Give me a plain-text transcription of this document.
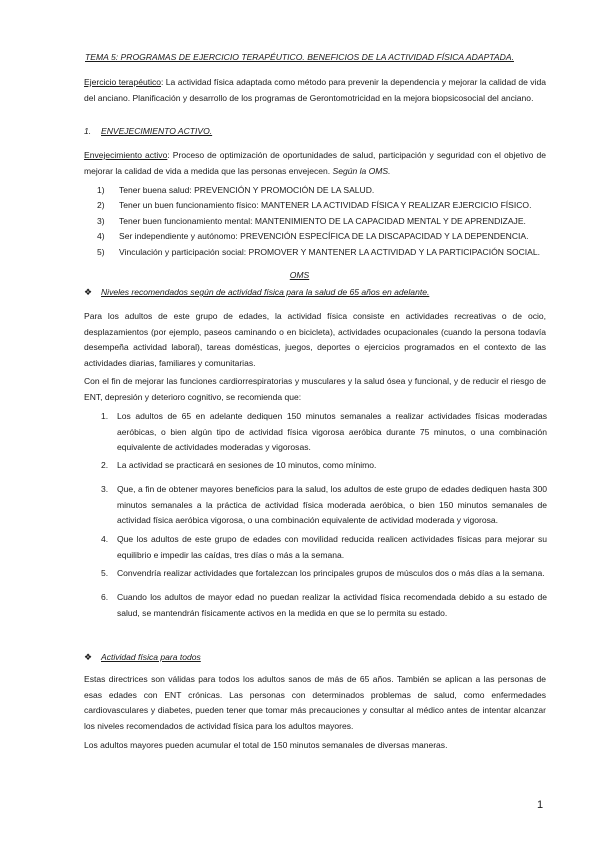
TEMA 5: PROGRAMAS DE EJERCICIO TERAPÉUTICO. BENEFICIOS DE LA ACTIVIDAD FÍSICA ADAPTADA.
Ejercicio terapéutico: La actividad física adaptada como método para prevenir la dependencia y mejorar la calidad de vida del anciano. Planificación y desarrollo de los programas de Gerontomotricidad en la mejora biopsicosocial del anciano.
1. ENVEJECIMIENTO ACTIVO.
Envejecimiento activo: Proceso de optimización de oportunidades de salud, participación y seguridad con el objetivo de mejorar la calidad de vida a medida que las personas envejecen. Según la OMS.
1) Tener buena salud: PREVENCIÓN Y PROMOCIÓN DE LA SALUD.
2) Tener un buen funcionamiento físico: MANTENER LA ACTIVIDAD FÍSICA Y REALIZAR EJERCICIO FÍSICO.
3) Tener buen funcionamiento mental: MANTENIMIENTO DE LA CAPACIDAD MENTAL Y DE APRENDIZAJE.
4) Ser independiente y autónomo: PREVENCIÓN ESPECÍFICA DE LA DISCAPACIDAD Y LA DEPENDENCIA.
5) Vinculación y participación social: PROMOVER Y MANTENER LA ACTIVIDAD Y LA PARTICIPACIÓN SOCIAL.
OMS
❖ Niveles recomendados según de actividad física para la salud de 65 años en adelante.
Para los adultos de este grupo de edades, la actividad física consiste en actividades recreativas o de ocio, desplazamientos (por ejemplo, paseos caminando o en bicicleta), actividades ocupacionales (cuando la persona todavía desempeña actividad laboral), tareas domésticas, juegos, deportes o ejercicios programados en el contexto de las actividades diarias, familiares y comunitarias.
Con el fin de mejorar las funciones cardiorrespiratorias y musculares y la salud ósea y funcional, y de reducir el riesgo de ENT, depresión y deterioro cognitivo, se recomienda que:
1. Los adultos de 65 en adelante dediquen 150 minutos semanales a realizar actividades físicas moderadas aeróbicas, o bien algún tipo de actividad física vigorosa aeróbica durante 75 minutos, o una combinación equivalente de actividades moderadas y vigorosas.
2. La actividad se practicará en sesiones de 10 minutos, como mínimo.
3. Que, a fin de obtener mayores beneficios para la salud, los adultos de este grupo de edades dediquen hasta 300 minutos semanales a la práctica de actividad física moderada aeróbica, o bien 150 minutos semanales de actividad física aeróbica vigorosa, o una combinación equivalente de actividad moderada y vigorosa.
4. Que los adultos de este grupo de edades con movilidad reducida realicen actividades físicas para mejorar su equilibrio e impedir las caídas, tres días o más a la semana.
5. Convendría realizar actividades que fortalezcan los principales grupos de músculos dos o más días a la semana.
6. Cuando los adultos de mayor edad no puedan realizar la actividad física recomendada debido a su estado de salud, se mantendrán físicamente activos en la medida en que se lo permita su estado.
❖ Actividad física para todos
Estas directrices son válidas para todos los adultos sanos de más de 65 años. También se aplican a las personas de esas edades con ENT crónicas. Las personas con determinados problemas de salud, como enfermedades cardiovasculares y diabetes, pueden tener que tomar más precauciones y consultar al médico antes de intentar alcanzar los niveles recomendados de actividad física para los adultos mayores.
Los adultos mayores pueden acumular el total de 150 minutos semanales de diversas maneras.
1
